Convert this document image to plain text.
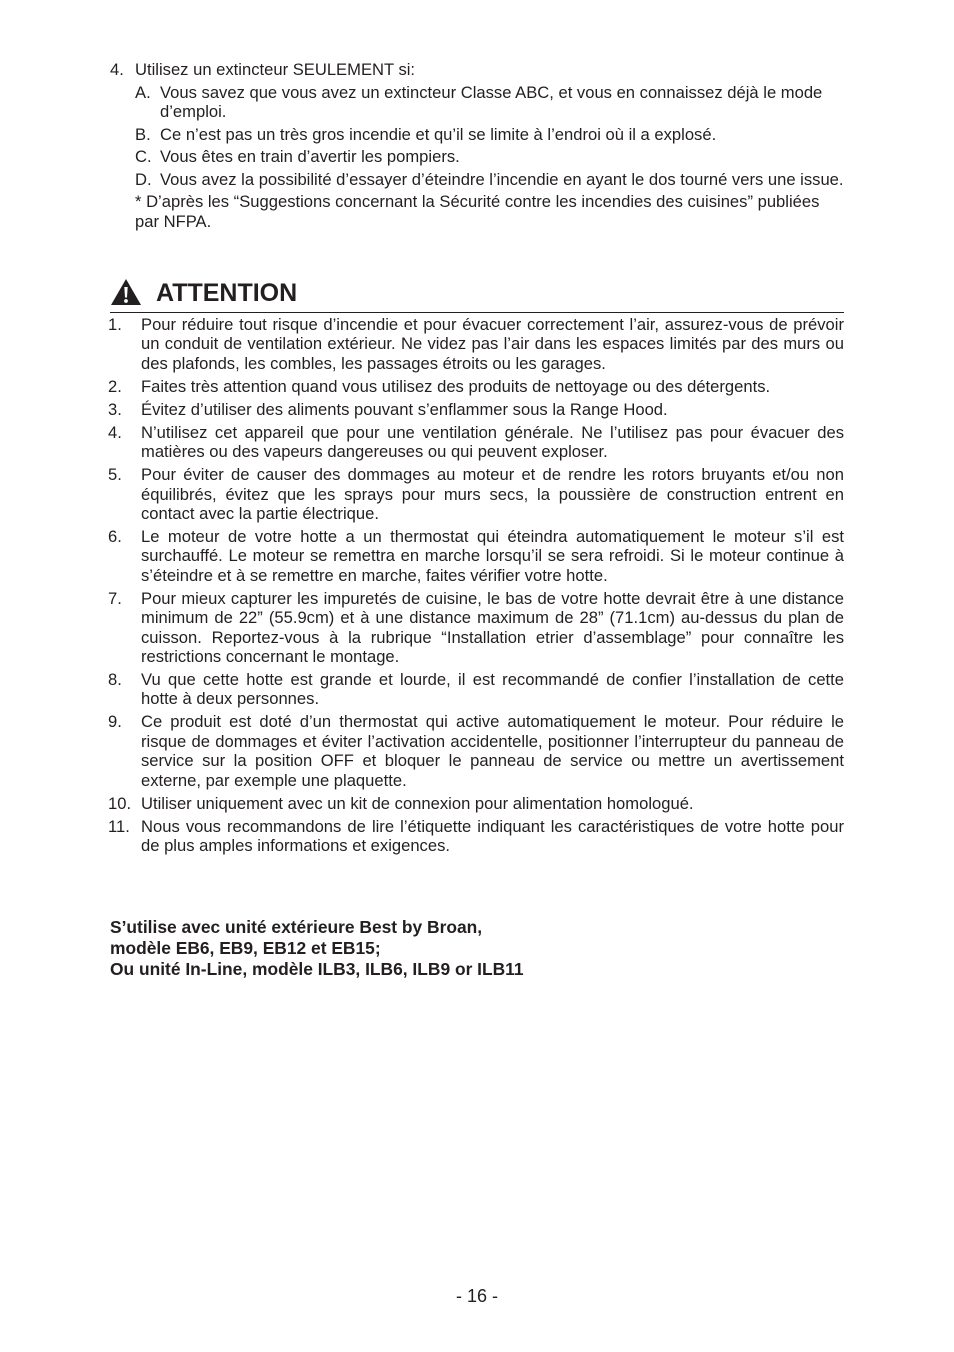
4. Utilisez un extincteur SEULEMENT si:
A. Vous savez que vous avez un extincteur Classe ABC, et vous en connaissez déjà le mode d’emploi.
B. Ce n’est pas un très gros incendie et qu’il se limite à l’endroi où il a explosé.
C. Vous êtes en train d’avertir les pompiers.
D. Vous avez la possibilité d’essayer d’éteindre l’incendie en ayant le dos tourné vers une issue.
* D’après les “Suggestions concernant la Sécurité contre les incendies des cuisines” publiées par NFPA.
ATTENTION
1.	Pour réduire tout risque d’incendie et pour évacuer correctement l’air, assurez-vous de prévoir un conduit de ventilation extérieur. Ne videz pas l’air dans les espaces limités par des murs ou des plafonds, les combles, les passages étroits ou les garages.
2.	Faites très attention quand vous utilisez des produits de nettoyage ou des détergents.
3.	Évitez d’utiliser des aliments pouvant s’enflammer sous la Range Hood.
4.	N’utilisez cet appareil que pour une ventilation générale. Ne l’utilisez pas pour évacuer des matières ou des vapeurs dangereuses ou qui peuvent exploser.
5.	Pour éviter de causer des dommages au moteur et de rendre les rotors bruyants et/ou non équilibrés, évitez que les sprays pour murs secs, la poussière de construction entrent en contact avec la partie électrique.
6.	Le moteur de votre hotte a un thermostat qui éteindra automatiquement le moteur s’il est surchauffé. Le moteur se remettra en marche lorsqu’il se sera refroidi. Si le moteur continue à s’éteindre et à se remettre en marche, faites vérifier votre hotte.
7.	Pour mieux capturer les impuretés de cuisine, le bas de votre hotte devrait être à une distance minimum de 22” (55.9cm) et à une distance maximum de 28” (71.1cm) au-dessus du plan de cuisson. Reportez-vous à la rubrique “Installation etrier d’assemblage” pour connaître les restrictions concernant le montage.
8.	Vu que cette hotte est grande et lourde, il est recommandé de confier l’installation de cette hotte à deux personnes.
9.	Ce produit est doté d’un thermostat qui active automatiquement le moteur. Pour réduire le risque de dommages et éviter l’activation accidentelle, positionner l’interrupteur du panneau de service sur la position OFF et bloquer le panneau de service ou mettre un avertissement externe, par exemple une plaquette.
10. Utiliser uniquement avec un kit de connexion pour alimentation homologué.
11. Nous vous recommandons de lire l’étiquette indiquant les caractéristiques de votre hotte pour de plus amples informations et exigences.
S’utilise avec unité extérieure Best by Broan,
modèle EB6, EB9, EB12 et EB15;
Ou unité In-Line, modèle ILB3, ILB6, ILB9 or ILB11
- 16 -
